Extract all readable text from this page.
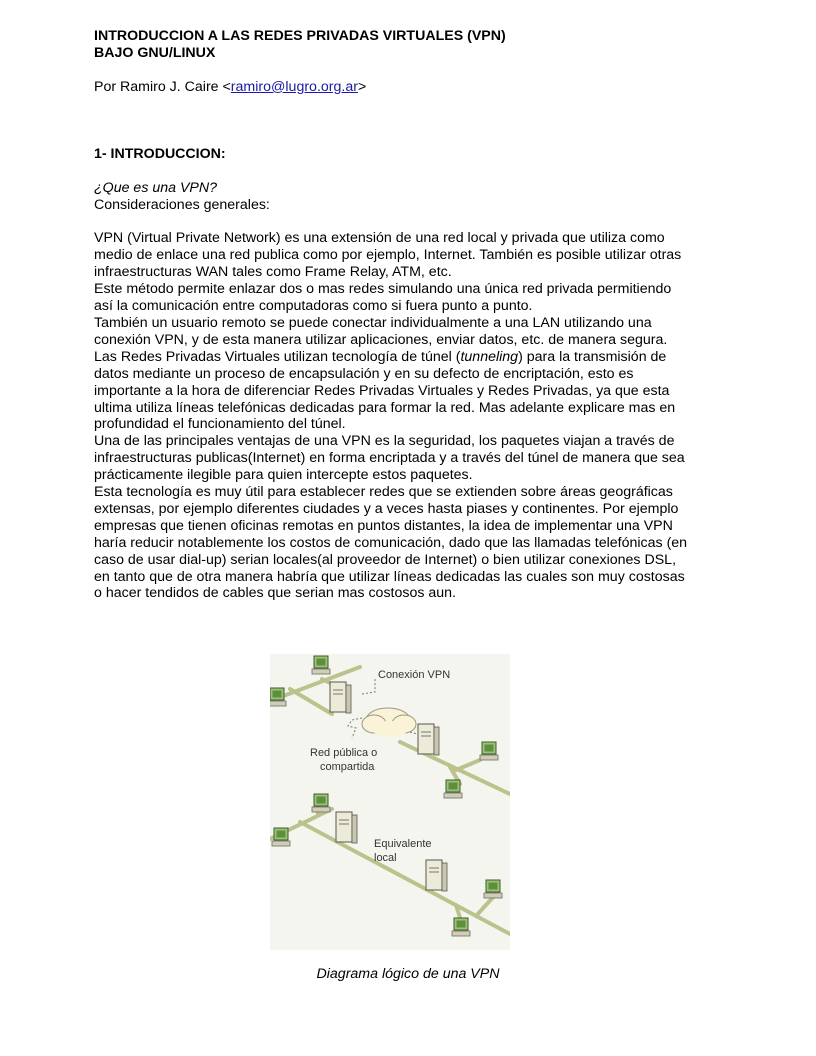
INTRODUCCION A LAS REDES PRIVADAS VIRTUALES (VPN)
BAJO GNU/LINUX
Por Ramiro J. Caire <ramiro@lugro.org.ar>
1- INTRODUCCION:
¿Que es una VPN?
Consideraciones generales:

VPN (Virtual Private Network) es una extensión de una red local y privada que utiliza como medio de enlace una red publica como por ejemplo, Internet. También es posible utilizar otras infraestructuras WAN tales como Frame Relay, ATM, etc.

Este método permite enlazar dos o mas redes simulando una única red privada permitiendo así la comunicación entre computadoras como si fuera punto a punto.

También un usuario remoto se puede conectar individualmente a una LAN utilizando una conexión VPN, y de esta manera utilizar aplicaciones, enviar datos, etc. de manera segura.

Las Redes Privadas Virtuales utilizan tecnología de túnel (tunneling) para la transmisión de datos mediante un proceso de encapsulación y en su defecto de encriptación, esto es importante a la hora de diferenciar Redes Privadas Virtuales y Redes Privadas, ya que esta ultima utiliza líneas telefónicas dedicadas para formar la red. Mas adelante explicare mas en profundidad el funcionamiento del túnel.

Una de las principales ventajas de una VPN es la seguridad, los paquetes viajan a través de infraestructuras publicas(Internet) en forma encriptada y a través del túnel de manera que sea prácticamente ilegible para quien intercepte estos paquetes.

Esta tecnología es muy útil para establecer redes que se extienden sobre áreas geográficas extensas, por ejemplo diferentes ciudades y a veces hasta piases y continentes. Por ejemplo empresas que tienen oficinas remotas en puntos distantes, la idea de implementar una VPN haría reducir notablemente los costos de comunicación, dado que las llamadas telefónicas (en caso de usar dial-up) serian locales(al proveedor de Internet) o bien utilizar conexiones DSL, en tanto que de otra manera habría que utilizar líneas dedicadas las cuales son muy costosas o hacer tendidos de cables que serian mas costosos aun.

Conexión VPN
Red pública o
compartida
Equivalente
local
Diagrama lógico de una VPN
